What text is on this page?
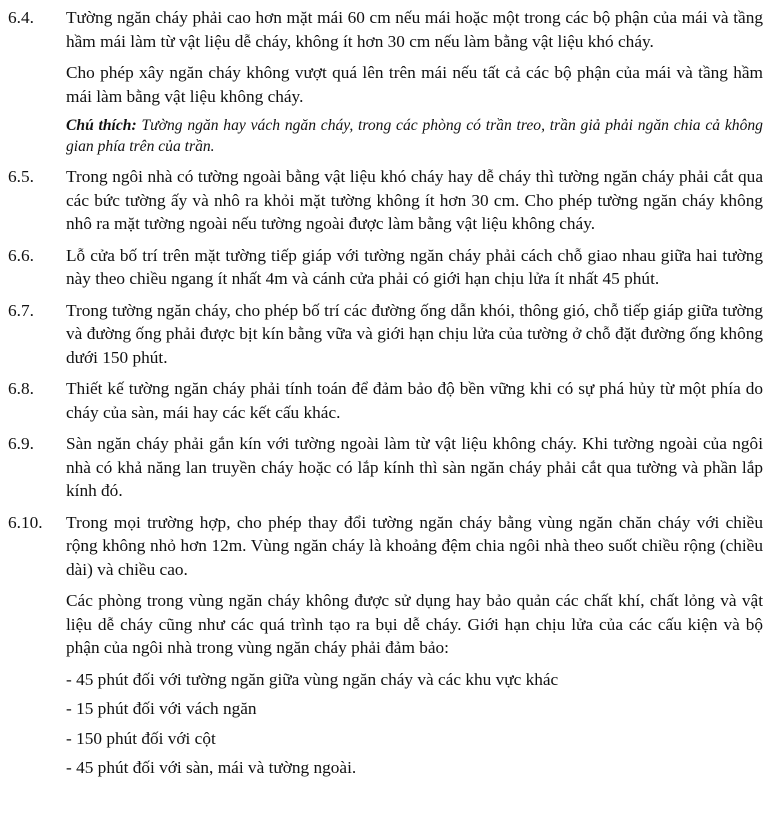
6.4.	Tường ngăn cháy phải cao hơn mặt mái 60 cm nếu mái hoặc một trong các bộ phận của mái và tầng hầm mái làm từ vật liệu dễ cháy, không ít hơn 30 cm nếu làm bằng vật liệu khó cháy.

Cho phép xây ngăn cháy không vượt quá lên trên mái nếu tất cả các bộ phận của mái và tầng hầm mái làm bằng vật liệu không cháy.

Chú thích: Tường ngăn hay vách ngăn cháy, trong các phòng có trần treo, trần giả phải ngăn chia cả không gian phía trên của trần.

6.5.	Trong ngôi nhà có tường ngoài bằng vật liệu khó cháy hay dễ cháy thì tường ngăn cháy phải cắt qua các bức tường ấy và nhô ra khỏi mặt tường không ít hơn 30 cm. Cho phép tường ngăn cháy không nhô ra mặt tường ngoài nếu tường ngoài được làm bằng vật liệu không cháy.

6.6.	Lỗ cửa bố trí trên mặt tường tiếp giáp với tường ngăn cháy phải cách chỗ giao nhau giữa hai tường này theo chiều ngang ít nhất 4m và cánh cửa phải có giới hạn chịu lửa ít nhất 45 phút.

6.7.	Trong tường ngăn cháy, cho phép bố trí các đường ống dẫn khói, thông gió, chỗ tiếp giáp giữa tường và đường ống phải được bịt kín bằng vữa và giới hạn chịu lửa của tường ở chỗ đặt đường ống không dưới 150 phút.

6.8.	Thiết kế tường ngăn cháy phải tính toán để đảm bảo độ bền vững khi có sự phá hủy từ một phía do cháy của sàn, mái hay các kết cấu khác.

6.9.	Sàn ngăn cháy phải gắn kín với tường ngoài làm từ vật liệu không cháy. Khi tường ngoài của ngôi nhà có khả năng lan truyền cháy hoặc có lắp kính thì sàn ngăn cháy phải cắt qua tường và phần lắp kính đó.

6.10.	Trong mọi trường hợp, cho phép thay đổi tường ngăn cháy bằng vùng ngăn chăn cháy với chiều rộng không nhỏ hơn 12m. Vùng ngăn cháy là khoảng đệm chia ngôi nhà theo suốt chiều rộng (chiều dài) và chiều cao.

Các phòng trong vùng ngăn cháy không được sử dụng hay bảo quản các chất khí, chất lỏng và vật liệu dễ cháy cũng như các quá trình tạo ra bụi dễ cháy. Giới hạn chịu lửa của các cấu kiện và bộ phận của ngôi nhà trong vùng ngăn cháy phải đảm bảo:

- 45 phút đối với tường ngăn giữa vùng ngăn cháy và các khu vực khác
- 15 phút đối với vách ngăn
- 150 phút đối với cột
- 45 phút đối với sàn, mái và tường ngoài.
